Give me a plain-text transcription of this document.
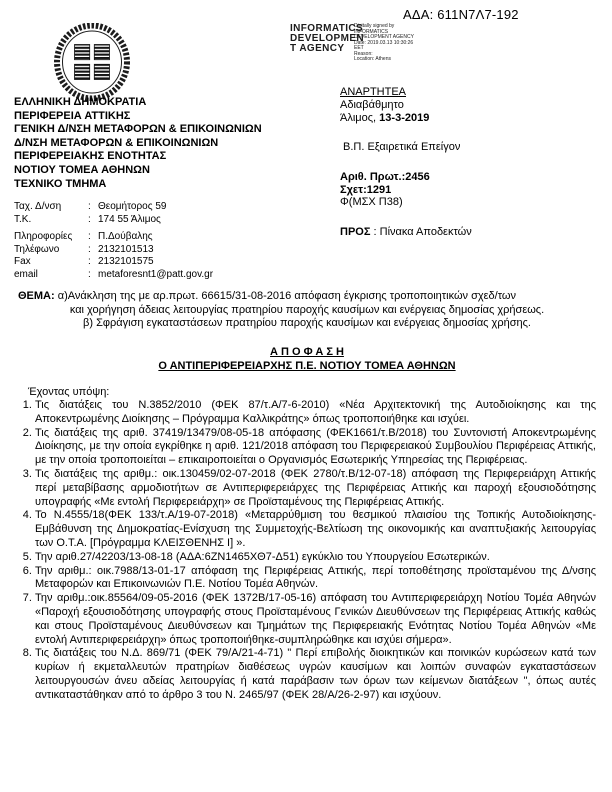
ΑΔΑ: 611Ν7Λ7-192
INFORMATICS
DEVELOPMEN
T AGENCY
Digitally signed by
INFORMATICS
DEVELOPMENT AGENCY
Date: 2019.03.13 10:30:26
EET
Reason:
Location: Athens
ΕΛΛΗΝΙΚΗ ΔΗΜΟΚΡΑΤΙΑ
ΠΕΡΙΦΕΡΕΙΑ ΑΤΤΙΚΗΣ
ΓΕΝΙΚΗ Δ/ΝΣΗ ΜΕΤΑΦΟΡΩΝ & ΕΠΙΚΟΙΝΩΝΙΩΝ
Δ/ΝΣΗ ΜΕΤΑΦΟΡΩΝ & ΕΠΙΚΟΙΝΩΝΙΩΝ
ΠΕΡΙΦΕΡΕΙΑΚΗΣ ΕΝΟΤΗΤΑΣ
ΝΟΤΙΟΥ ΤΟΜΕΑ ΑΘΗΝΩΝ
ΤΕΧΝΙΚΟ ΤΜΗΜΑ
Ταχ. Δ/νση	: Θεομήτορος 59
Τ.Κ.	: 174 55 Άλιμος
Πληροφορίες	: Π.Δούβαλης
Τηλέφωνο	: 2132101513
Fax	: 2132101575
email	: metaforesnt1@patt.gov.gr
ΑΝΑΡΤΗΤΕΑ
Αδιαβάθμητο
Άλιμος, 13-3-2019
Β.Π. Εξαιρετικά Επείγον
Αριθ. Πρωτ.:2456
Σχετ:1291
Φ(ΜΣΧ Π38)
ΠΡΟΣ : Πίνακα Αποδεκτών
ΘΕΜΑ: α)Ανάκληση της με αρ.πρωτ. 66615/31-08-2016 απόφαση έγκρισης τροποποιητικών σχεδ/των
και χορήγηση άδειας λειτουργίας πρατηρίου παροχής καυσίμων και ενέργειας δημοσίας χρήσεως.
β) Σφράγιση εγκαταστάσεων πρατηρίου παροχής καυσίμων και ενέργειας δημοσίας χρήσης.
Α Π Ο Φ Α Σ Η
Ο ΑΝΤΙΠΕΡΙΦΕΡΕΙΑΡΧΗΣ Π.Ε. ΝΟΤΙΟΥ ΤΟΜΕΑ ΑΘΗΝΩΝ
Έχοντας υπόψη:
1. Τις διατάξεις του Ν.3852/2010 (ΦΕΚ 87/τ.Α/7-6-2010) «Νέα Αρχιτεκτονική της Αυτοδιοίκησης και της Αποκεντρωμένης Διοίκησης – Πρόγραμμα Καλλικράτης» όπως τροποποιήθηκε και ισχύει.
2. Τις διατάξεις της αριθ. 37419/13479/08-05-18 απόφασης (ΦΕΚ1661/τ.Β/2018) του Συντονιστή Αποκεντρωμένης Διοίκησης, με την οποία εγκρίθηκε η αριθ. 121/2018 απόφαση του Περιφερειακού Συμβουλίου Περιφέρειας Αττικής, με την οποία τροποποιείται – επικαιροποιείται ο Οργανισμός Εσωτερικής Υπηρεσίας της Περιφέρειας.
3. Τις διατάξεις της αριθμ.: οικ.130459/02-07-2018 (ΦΕΚ 2780/τ.Β/12-07-18) απόφαση της Περιφερειάρχη Αττικής περί μεταβίβασης αρμοδιοτήτων σε Αντιπεριφερειάρχες της Περιφέρειας Αττικής και παροχή εξουσιοδότησης υπογραφής «Με εντολή Περιφερειάρχη» σε Προϊσταμένους της Περιφέρειας Αττικής.
4. Το Ν.4555/18(ΦΕΚ 133/τ.Α/19-07-2018) «Μεταρρύθμιση του θεσμικού πλαισίου της Τοπικής Αυτοδιοίκησης-Εμβάθυνση της Δημοκρατίας-Ενίσχυση της Συμμετοχής-Βελτίωση της οικονομικής και αναπτυξιακής λειτουργίας των Ο.Τ.Α. [Πρόγραμμα ΚΛΕΙΣΘΕΝΗΣ Ι] ».
5. Την αριθ.27/42203/13-08-18 (ΑΔΑ:6ΖΝ1465ΧΘ7-Δ51) εγκύκλιο του Υπουργείου Εσωτερικών.
6. Την αριθμ.: οικ.7988/13-01-17 απόφαση της Περιφέρειας Αττικής, περί τοποθέτησης προϊσταμένου της Δ/νσης Μεταφορών και Επικοινωνιών Π.Ε. Νοτίου Τομέα Αθηνών.
7. Την αριθμ.:οικ.85564/09-05-2016 (ΦΕΚ 1372Β/17-05-16) απόφαση του Αντιπεριφερειάρχη Νοτίου Τομέα Αθηνών «Παροχή εξουσιοδότησης υπογραφής στους Προϊσταμένους Γενικών Διευθύνσεων της Περιφέρειας Αττικής καθώς και στους Προϊσταμένους Διευθύνσεων και Τμημάτων της Περιφερειακής Ενότητας Νοτίου Τομέα Αθηνών «Με εντολή Αντιπεριφερειάρχη» όπως τροποποιήθηκε-συμπληρώθηκε και ισχύει σήμερα».
8. Τις διατάξεις του Ν.Δ. 869/71 (ΦΕΚ 79/Α/21-4-71) " Περί επιβολής διοικητικών και ποινικών κυρώσεων κατά των κυρίων ή εκμεταλλευτών πρατηρίων διαθέσεως υγρών καυσίμων και λοιπών συναφών εγκαταστάσεων λειτουργουσών άνευ αδείας λειτουργίας ή κατά παράβασιν των όρων των κείμενων διατάξεων ", όπως αυτές αντικαταστάθηκαν από το άρθρο 3 του Ν. 2465/97 (ΦΕΚ 28/Α/26-2-97) και ισχύουν.
